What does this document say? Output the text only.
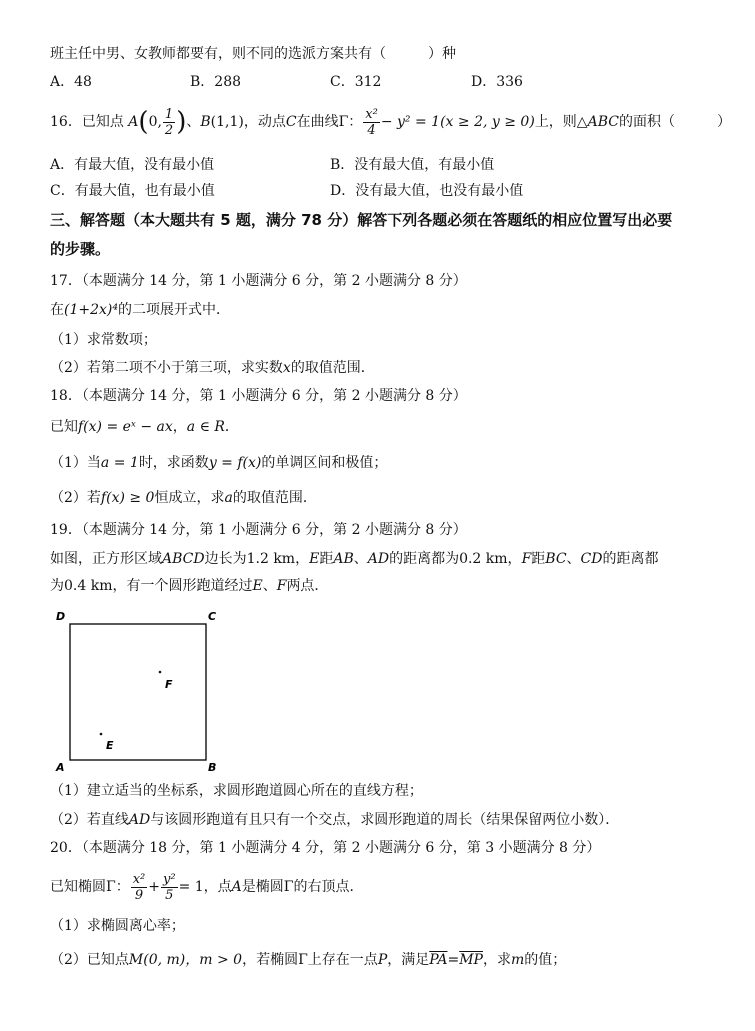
班主任中男、女教师都要有，则不同的选派方案共有（　　　）种
A．48	B．288	C．312	D．336
16．已知点 A(0, $\frac{1}{2}$ )、B(1,1)，动点C在曲线Γ： $\frac{\text{x²}}{4} - y^2 = 1(x \ge 2$, y ≥ 0)上，则△ABC的面积（　　　）
A．有最大值，没有最小值	B．没有最大值，有最小值
C．有最大值，也有最小值	D．没有最大值，也没有最小值
三、解答题（本大题共有 5 题，满分 78 分）解答下列各题必须在答题纸的相应位置写出必要
的步骤。
17．（本题满分 14 分，第 1 小题满分 6 分，第 2 小题满分 8 分）
在(1+2x)⁴的二项展开式中．
（1）求常数项；
（2）若第二项不小于第三项，求实数x的取值范围．
18．（本题满分 14 分，第 1 小题满分 6 分，第 2 小题满分 8 分）
已知f(x) = eˣ − ax，a ∈ R．
（1）当a = 1时，求函数y = f(x)的单调区间和极值；
（2）若f(x) ≥ 0恒成立，求a的取值范围．
19．（本题满分 14 分，第 1 小题满分 6 分，第 2 小题满分 8 分）
如图，正方形区域ABCD边长为1.2 km，E距AB、AD的距离都为0.2 km，F距BC、CD的距离都
为0.4 km，有一个圆形跑道经过E、F两点．
D	C
A	B
F
E
（1）建立适当的坐标系，求圆形跑道圆心所在的直线方程；
（2）若直线AD与该圆形跑道有且只有一个交点，求圆形跑道的周长（结果保留两位小数）．
20．（本题满分 18 分，第 1 小题满分 4 分，第 2 小题满分 6 分，第 3 小题满分 8 分）
已知椭圆Γ： $\frac{\text{x²}}{9} + \frac{\text{y²}}{5} = 1$，点A是椭圆Γ的右顶点．
（1）求椭圆离心率；
（2）已知点M(0, m)，m > 0，若椭圆Γ上存在一点P，满足$\overline{PA}=\overline{MP}$，求m的值；
